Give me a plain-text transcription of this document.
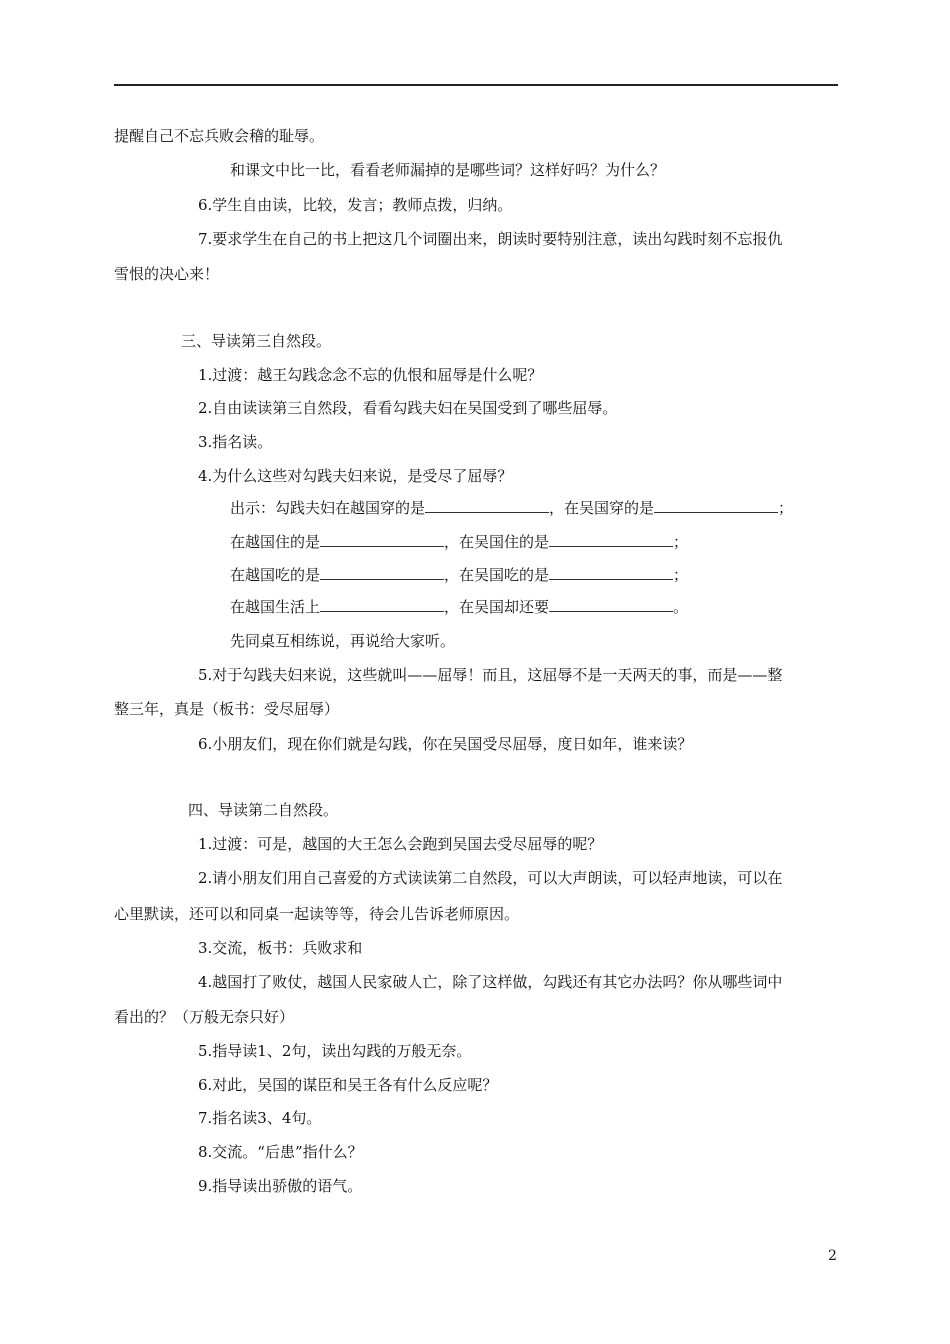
提醒自己不忘兵败会稽的耻辱。
和课文中比一比，看看老师漏掉的是哪些词？这样好吗？为什么？
6.学生自由读，比较，发言；教师点拨，归纳。
7.要求学生在自己的书上把这几个词圈出来，朗读时要特别注意，读出勾践时刻不忘报仇
雪恨的决心来！
三、导读第三自然段。
1.过渡：越王勾践念念不忘的仇恨和屈辱是什么呢？
2.自由读读第三自然段，看看勾践夫妇在吴国受到了哪些屈辱。
3.指名读。
4.为什么这些对勾践夫妇来说，是受尽了屈辱？
出示：勾践夫妇在越国穿的是	，在吴国穿的是	；
在越国住的是	，在吴国住的是	；
在越国吃的是	，在吴国吃的是	；
在越国生活上	，在吴国却还要	。
先同桌互相练说，再说给大家听。
5.对于勾践夫妇来说，这些就叫——屈辱！而且，这屈辱不是一天两天的事，而是——整
整三年，真是（板书：受尽屈辱）
6.小朋友们，现在你们就是勾践，你在吴国受尽屈辱，度日如年，谁来读？
四、导读第二自然段。
1.过渡：可是，越国的大王怎么会跑到吴国去受尽屈辱的呢？
2.请小朋友们用自己喜爱的方式读读第二自然段，可以大声朗读，可以轻声地读，可以在
心里默读，还可以和同桌一起读等等，待会儿告诉老师原因。
3.交流，板书：兵败求和
4.越国打了败仗，越国人民家破人亡，除了这样做，勾践还有其它办法吗？你从哪些词中
看出的？（万般无奈只好）
5.指导读1、2句，读出勾践的万般无奈。
6.对此，吴国的谋臣和吴王各有什么反应呢？
7.指名读3、4句。
8.交流。“后患”指什么？
9.指导读出骄傲的语气。
2
